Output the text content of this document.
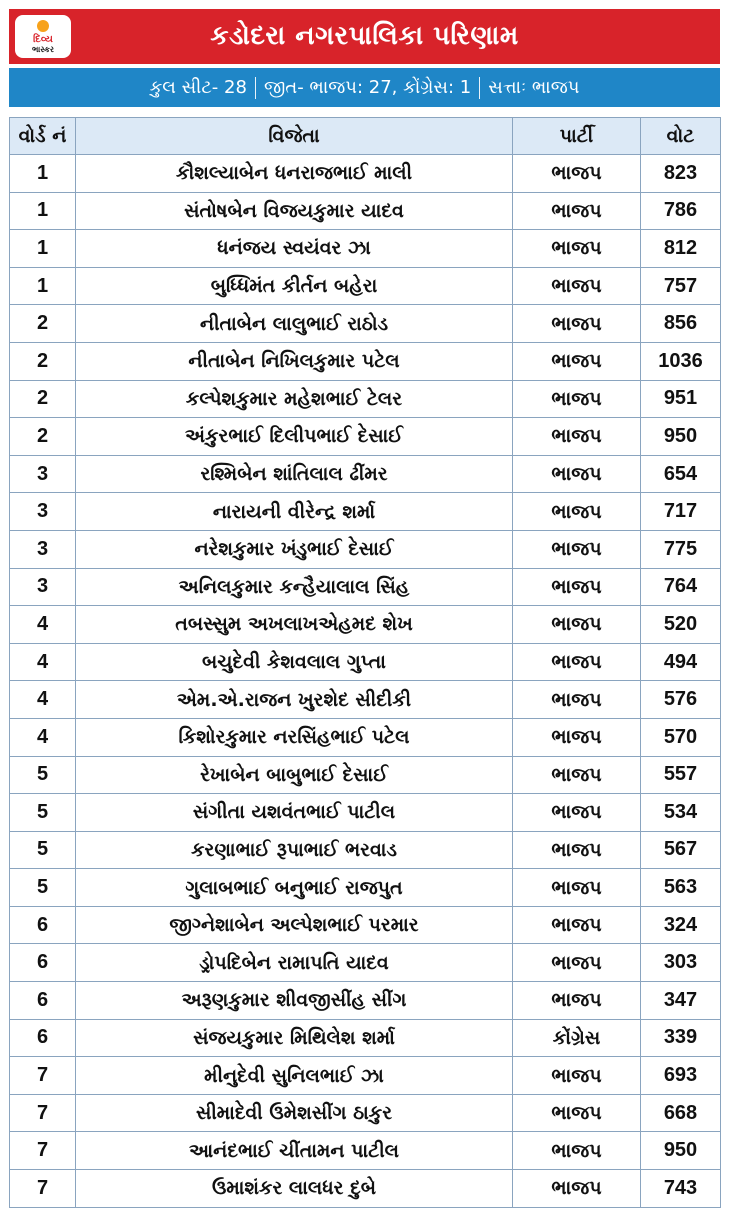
દિવ્ય
ભાસ્કર	કડોદરા નગરપાલિકા પરિણામ
કુલ સીટ- 28 જીત- ભાજપ: 27, કોંગ્રેસ: 1 સત્તાઃ ભાજપ
વોર્ડ નં	વિજેતા	પાર્ટી	વોટ
1	કૌશલ્યાબેન ધનરાજભાઈ માલી	ભાજપ	823
1	સંતોષબેન વિજયકુમાર યાદવ	ભાજપ	786
1	ધનંજય સ્વયંવર ઝા	ભાજપ	812
1	બુધ્ધિમંત કીર્તન બહેરા	ભાજપ	757
2	નીતાબેન લાલુભાઈ રાઠોડ	ભાજપ	856
2	નીતાબેન નિખિલકુમાર પટેલ	ભાજપ	1036
2	કલ્પેશકુમાર મહેશભાઈ ટેલર	ભાજપ	951
2	અંકુરભાઈ દિલીપભાઈ દેસાઈ	ભાજપ	950
3	રશ્મિબેન શાંતિલાલ ઢીંમર	ભાજપ	654
3	નારાયની વીરેન્દ્ર શર્મા	ભાજપ	717
3	નરેશકુમાર ખંડુભાઈ દેસાઈ	ભાજપ	775
3	અનિલકુમાર કન્હૈયાલાલ સિંહ	ભાજપ	764
4	તબસ્સુમ અખલાખએહમદ શેખ	ભાજપ	520
4	બચુદેવી કેશવલાલ ગુપ્તા	ભાજપ	494
4	એમ.એ.રાજન ખુરશેદ સીદીકી	ભાજપ	576
4	કિશોરકુમાર નરસિંહભાઈ પટેલ	ભાજપ	570
5	રેખાબેન બાબુભાઈ દેસાઈ	ભાજપ	557
5	સંગીતા યશવંતભાઈ પાટીલ	ભાજપ	534
5	કરણાભાઈ રૂપાભાઈ ભરવાડ	ભાજપ	567
5	ગુલાબભાઈ બનુભાઈ રાજપુત	ભાજપ	563
6	જીગ્નેશાબેન અલ્પેશભાઈ પરમાર	ભાજપ	324
6	ડ્રોપદિબેન રામાપતિ યાદવ	ભાજપ	303
6	અરૂણકુમાર શીવજીસીંહ સીંગ	ભાજપ	347
6	સંજયકુમાર મિથિલેશ શર્મા	કોંગ્રેસ	339
7	મીનુદેવી સુનિલભાઈ ઝા	ભાજપ	693
7	સીમાદેવી ઉમેશસીંગ ઠાકુર	ભાજપ	668
7	આનંદભાઈ ચીંતામન પાટીલ	ભાજપ	950
7	ઉમાશંકર લાલધર દુબે	ભાજપ	743
